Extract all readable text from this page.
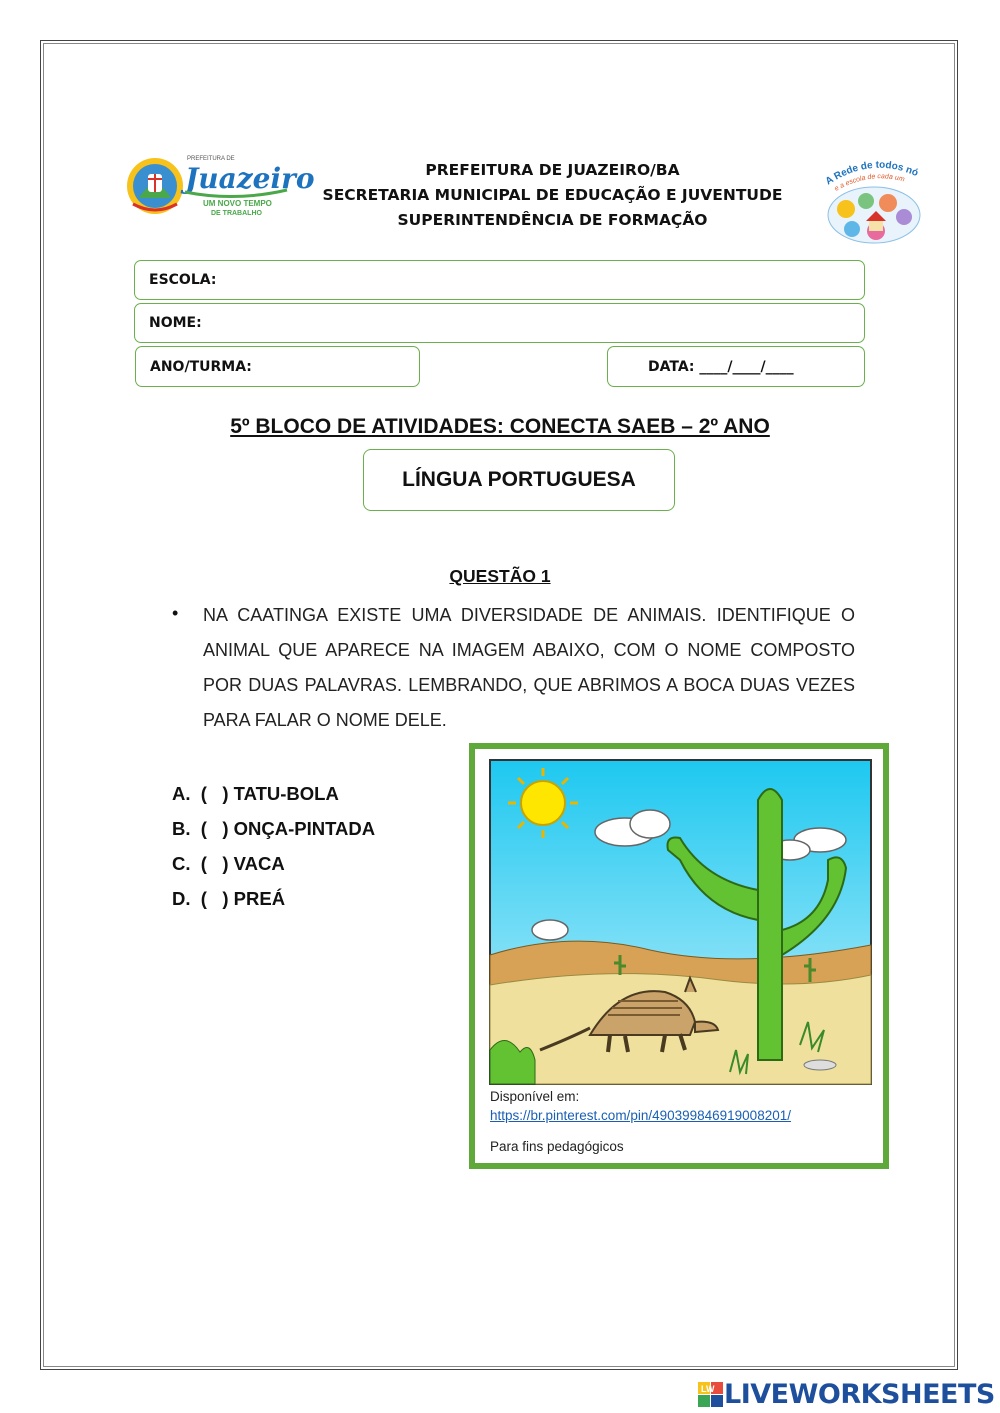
PREFEITURA DE
Juazeiro
UM NOVO TEMPO
DE TRABALHO
PREFEITURA DE JUAZEIRO/BA
SECRETARIA MUNICIPAL DE EDUCAÇÃO E JUVENTUDE
SUPERINTENDÊNCIA DE FORMAÇÃO
A Rede de todos nó
e a escola de cada um
ESCOLA:
NOME:
ANO/TURMA:	DATA: ____/____/____
5º BLOCO DE ATIVIDADES: CONECTA SAEB – 2º ANO
LÍNGUA PORTUGUESA
QUESTÃO 1
• NA CAATINGA EXISTE UMA DIVERSIDADE DE ANIMAIS. IDENTIFIQUE O ANIMAL QUE APARECE NA IMAGEM ABAIXO, COM O NOME COMPOSTO POR DUAS PALAVRAS. LEMBRANDO, QUE ABRIMOS A BOCA DUAS VEZES PARA FALAR O NOME DELE.
A.  (   ) TATU-BOLA
B.  (   ) ONÇA-PINTADA
C.  (   ) VACA
D.  (   ) PREÁ
Disponível em:
https://br.pinterest.com/pin/490399846919008201/
Para fins pedagógicos
LW LIVEWORKSHEETS
